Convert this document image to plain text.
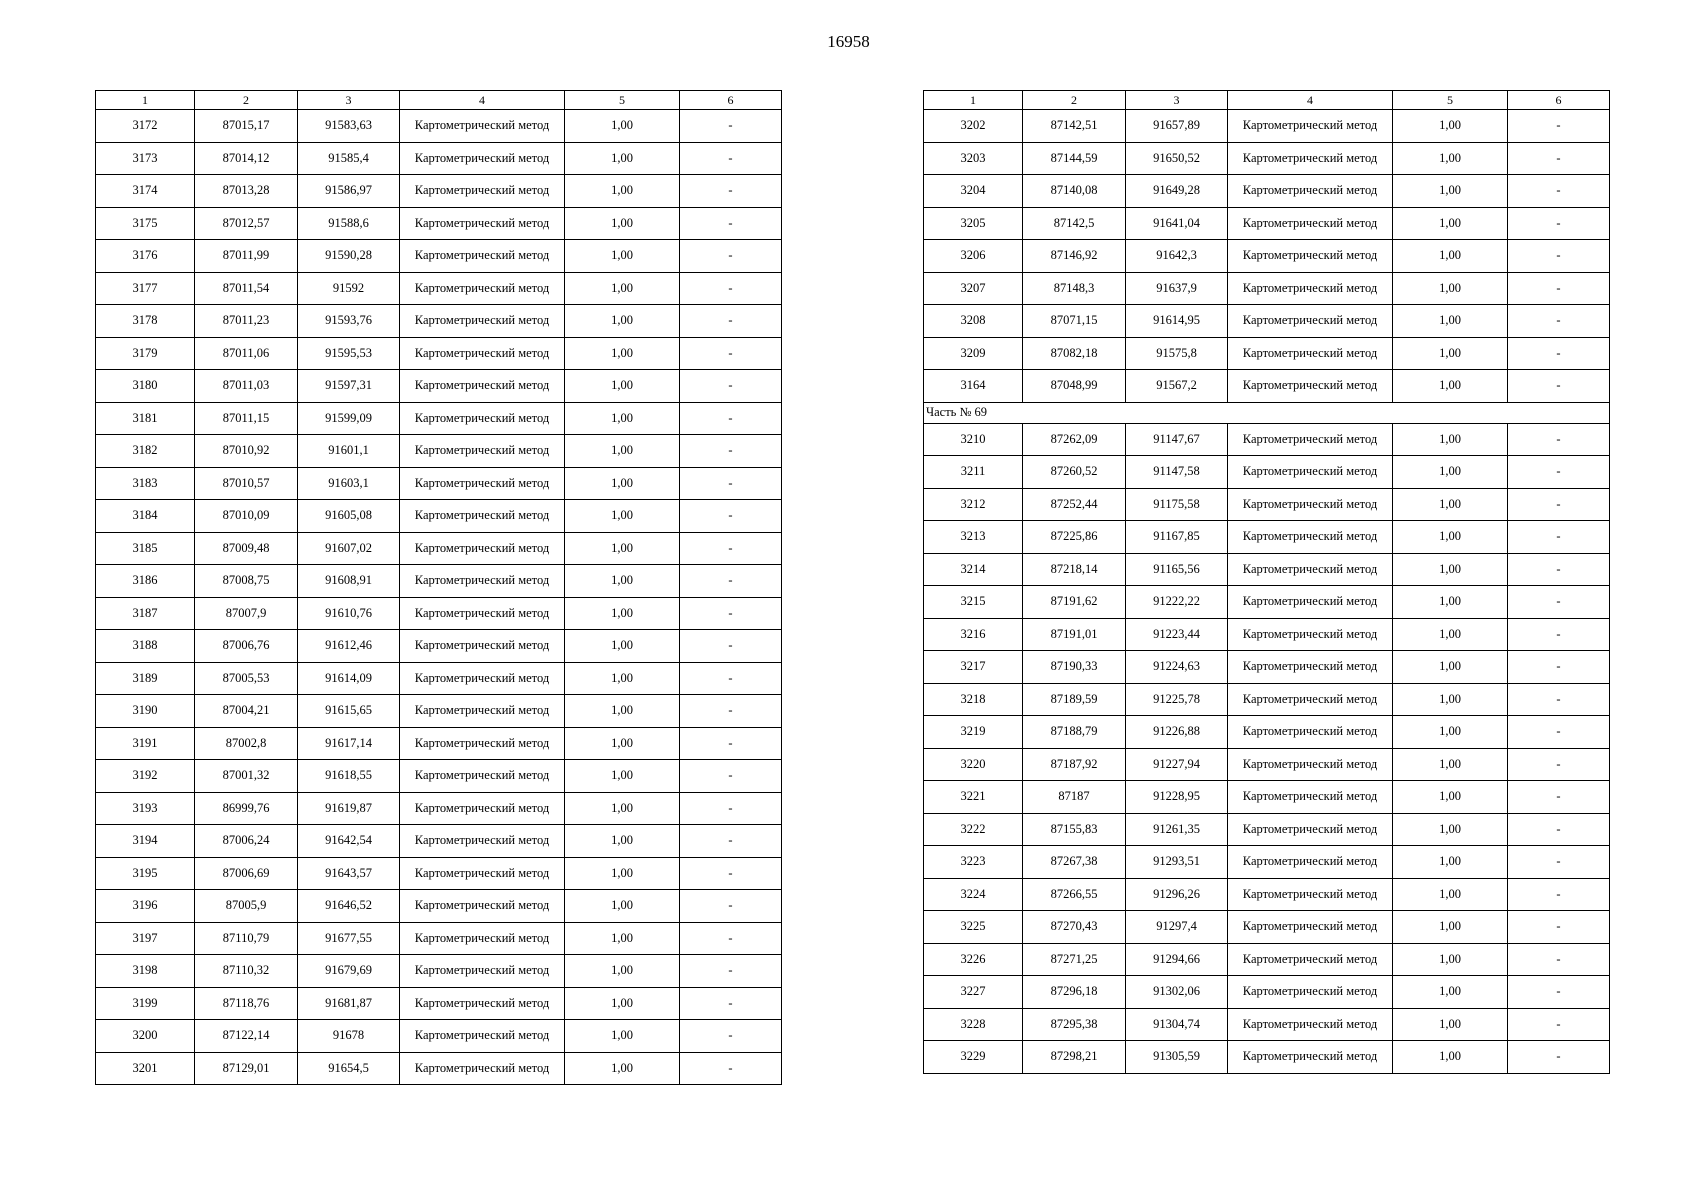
16958
1	2	3	4	5	6
3172	87015,17	91583,63	Картометрический метод	1,00	-
3173	87014,12	91585,4	Картометрический метод	1,00	-
3174	87013,28	91586,97	Картометрический метод	1,00	-
3175	87012,57	91588,6	Картометрический метод	1,00	-
3176	87011,99	91590,28	Картометрический метод	1,00	-
3177	87011,54	91592	Картометрический метод	1,00	-
3178	87011,23	91593,76	Картометрический метод	1,00	-
3179	87011,06	91595,53	Картометрический метод	1,00	-
3180	87011,03	91597,31	Картометрический метод	1,00	-
3181	87011,15	91599,09	Картометрический метод	1,00	-
3182	87010,92	91601,1	Картометрический метод	1,00	-
3183	87010,57	91603,1	Картометрический метод	1,00	-
3184	87010,09	91605,08	Картометрический метод	1,00	-
3185	87009,48	91607,02	Картометрический метод	1,00	-
3186	87008,75	91608,91	Картометрический метод	1,00	-
3187	87007,9	91610,76	Картометрический метод	1,00	-
3188	87006,76	91612,46	Картометрический метод	1,00	-
3189	87005,53	91614,09	Картометрический метод	1,00	-
3190	87004,21	91615,65	Картометрический метод	1,00	-
3191	87002,8	91617,14	Картометрический метод	1,00	-
3192	87001,32	91618,55	Картометрический метод	1,00	-
3193	86999,76	91619,87	Картометрический метод	1,00	-
3194	87006,24	91642,54	Картометрический метод	1,00	-
3195	87006,69	91643,57	Картометрический метод	1,00	-
3196	87005,9	91646,52	Картометрический метод	1,00	-
3197	87110,79	91677,55	Картометрический метод	1,00	-
3198	87110,32	91679,69	Картометрический метод	1,00	-
3199	87118,76	91681,87	Картометрический метод	1,00	-
3200	87122,14	91678	Картометрический метод	1,00	-
3201	87129,01	91654,5	Картометрический метод	1,00	-
1	2	3	4	5	6
3202	87142,51	91657,89	Картометрический метод	1,00	-
3203	87144,59	91650,52	Картометрический метод	1,00	-
3204	87140,08	91649,28	Картометрический метод	1,00	-
3205	87142,5	91641,04	Картометрический метод	1,00	-
3206	87146,92	91642,3	Картометрический метод	1,00	-
3207	87148,3	91637,9	Картометрический метод	1,00	-
3208	87071,15	91614,95	Картометрический метод	1,00	-
3209	87082,18	91575,8	Картометрический метод	1,00	-
3164	87048,99	91567,2	Картометрический метод	1,00	-
Часть № 69					
3210	87262,09	91147,67	Картометрический метод	1,00	-
3211	87260,52	91147,58	Картометрический метод	1,00	-
3212	87252,44	91175,58	Картометрический метод	1,00	-
3213	87225,86	91167,85	Картометрический метод	1,00	-
3214	87218,14	91165,56	Картометрический метод	1,00	-
3215	87191,62	91222,22	Картометрический метод	1,00	-
3216	87191,01	91223,44	Картометрический метод	1,00	-
3217	87190,33	91224,63	Картометрический метод	1,00	-
3218	87189,59	91225,78	Картометрический метод	1,00	-
3219	87188,79	91226,88	Картометрический метод	1,00	-
3220	87187,92	91227,94	Картометрический метод	1,00	-
3221	87187	91228,95	Картометрический метод	1,00	-
3222	87155,83	91261,35	Картометрический метод	1,00	-
3223	87267,38	91293,51	Картометрический метод	1,00	-
3224	87266,55	91296,26	Картометрический метод	1,00	-
3225	87270,43	91297,4	Картометрический метод	1,00	-
3226	87271,25	91294,66	Картометрический метод	1,00	-
3227	87296,18	91302,06	Картометрический метод	1,00	-
3228	87295,38	91304,74	Картометрический метод	1,00	-
3229	87298,21	91305,59	Картометрический метод	1,00	-
